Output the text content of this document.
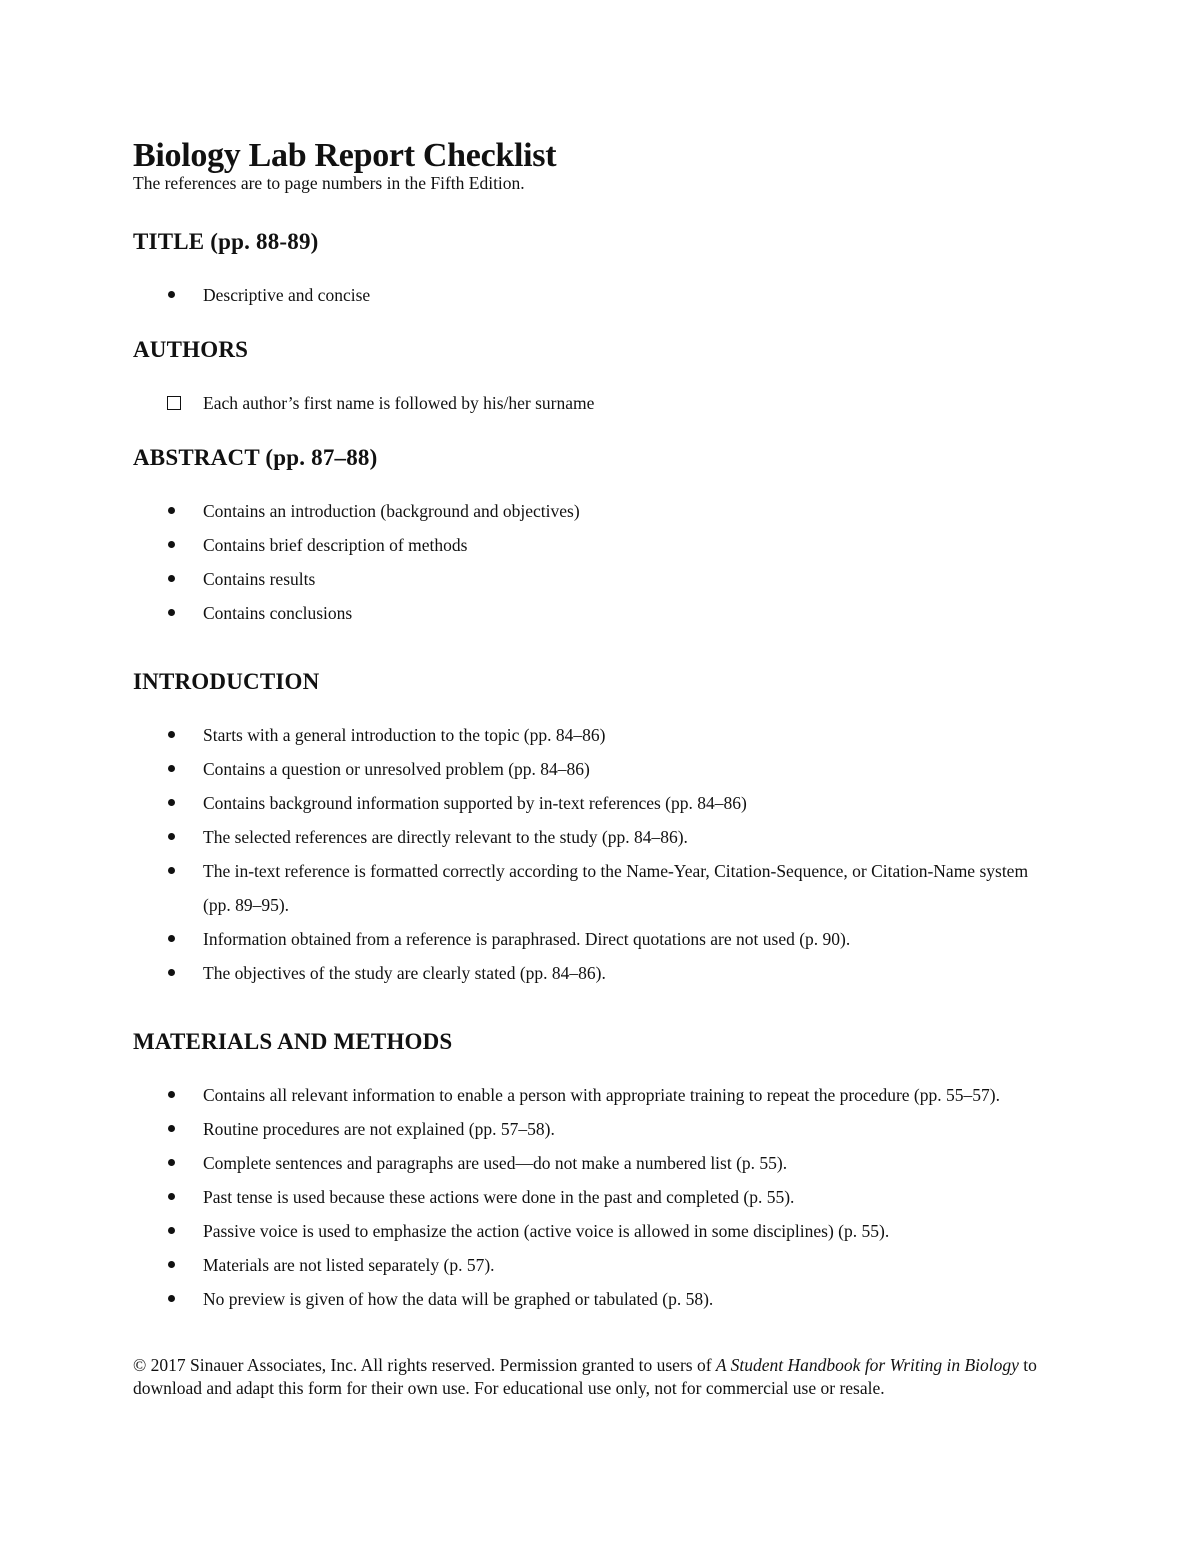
Biology Lab Report Checklist
The references are to page numbers in the Fifth Edition.
TITLE (pp. 88-89)
Descriptive and concise
AUTHORS
Each author’s first name is followed by his/her surname
ABSTRACT (pp. 87–88)
Contains an introduction (background and objectives)
Contains brief description of methods
Contains results
Contains conclusions
INTRODUCTION
Starts with a general introduction to the topic (pp. 84–86)
Contains a question or unresolved problem (pp. 84–86)
Contains background information supported by in-text references (pp. 84–86)
The selected references are directly relevant to the study (pp. 84–86).
The in-text reference is formatted correctly according to the Name-Year, Citation-Sequence, or Citation-Name system (pp. 89–95).
Information obtained from a reference is paraphrased. Direct quotations are not used (p. 90).
The objectives of the study are clearly stated (pp. 84–86).
MATERIALS AND METHODS
Contains all relevant information to enable a person with appropriate training to repeat the procedure (pp. 55–57).
Routine procedures are not explained (pp. 57–58).
Complete sentences and paragraphs are used—do not make a numbered list (p. 55).
Past tense is used because these actions were done in the past and completed (p. 55).
Passive voice is used to emphasize the action (active voice is allowed in some disciplines) (p. 55).
Materials are not listed separately (p. 57).
No preview is given of how the data will be graphed or tabulated (p. 58).
© 2017 Sinauer Associates, Inc. All rights reserved. Permission granted to users of A Student Handbook for Writing in Biology to download and adapt this form for their own use. For educational use only, not for commercial use or resale.
